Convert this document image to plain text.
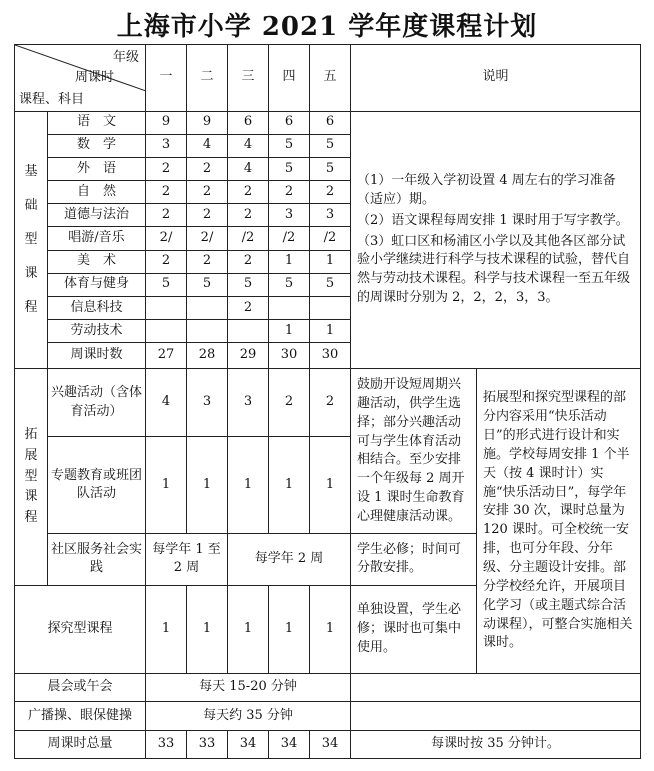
上海市小学 2021 学年度课程计划
年级
周课时
课程、科目		一	二	三	四	五	说明	
基础型课程	语　文	9	9	6	6	6	（1）一年级入学初设置 4 周左右的学习准备（适应）期。
（2）语文课程每周安排 1 课时用于写字教学。
（3）虹口区和杨浦区小学以及其他各区部分试验小学继续进行科学与技术课程的试验，替代自然与劳动技术课程。科学与技术课程一至五年级的周课时分别为 2，2，2，3，3。	

	数　学	3	4	4	5	5		
	外　语	2	2	4	5	5		
	自　然	2	2	2	2	2		
	道德与法治	2	2	2	3	3		
	唱游/音乐	2/	2/	/2	/2	/2		
	美　术	2	2	2	1	1		
	体育与健身	5	5	5	5	5		
	信息科技			2				
	劳动技术				1	1		
	周课时数	27	28	29	30	30		
拓展型课程	兴趣活动（含体育活动）	4	3	3	2	2	鼓励开设短周期兴趣活动，供学生选择；部分兴趣活动可与学生体育活动相结合。至少安排一个年级每 2 周开设 1 课时生命教育心理健康活动课。	拓展型和探究型课程的部分内容采用“快乐活动日”的形式进行设计和实施。学校每周安排 1 个半天（按 4 课时计）实施“快乐活动日”，每学年安排 30 次，课时总量为 120 课时。可全校统一安排，也可分年段、分年级、分主题设计安排。部分学校经允许，开展项目化学习（或主题式综合活动课程），可整合实施相关课时。
	专题教育或班团队活动	1	1	1	1	1		
	社区服务社会实践	每学年 1 至 2 周		每学年 2 周			学生必修；时间可分散安排。	
探究型课程		1	1	1	1	1	单独设置，学生必修；课时也可集中使用。	
晨会或午会		每天 15-20 分钟						
广播操、眼保健操		每天约 35 分钟						
周课时总量		33	33	34	34	34	每课时按 35 分钟计。	
